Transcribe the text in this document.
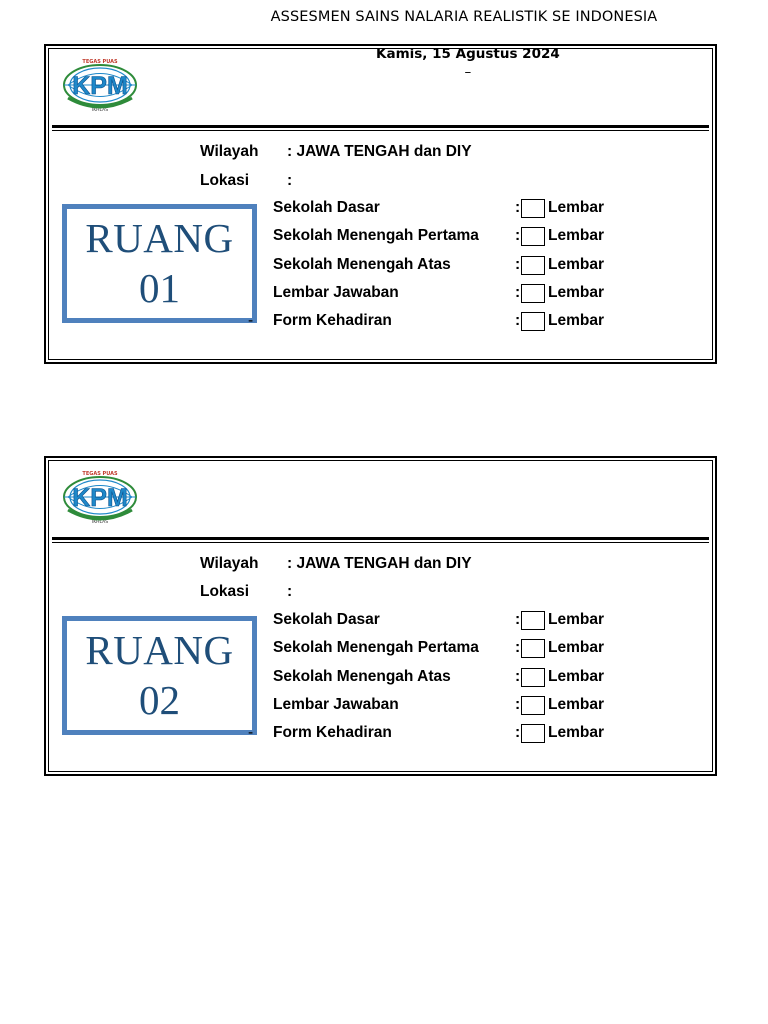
ASSESMEN SAINS NALARIA REALISTIK SE INDONESIA
Kamis, 15 Agustus 2024
–
KPM
TEGAS PUAS
IKHLAS
Wilayah : JAWA TENGAH dan DIY
Lokasi :
RUANG
01
Sekolah Dasar	: Lembar
Sekolah Menengah Pertama : Lembar
Sekolah Menengah Atas	: Lembar
Lembar Jawaban	: Lembar
- Form Kehadiran	: Lembar
KPM
TEGAS PUAS
IKHLAS
Wilayah : JAWA TENGAH dan DIY
Lokasi :
RUANG
02
Sekolah Dasar	: Lembar
Sekolah Menengah Pertama : Lembar
Sekolah Menengah Atas	: Lembar
Lembar Jawaban	: Lembar
- Form Kehadiran	: Lembar
